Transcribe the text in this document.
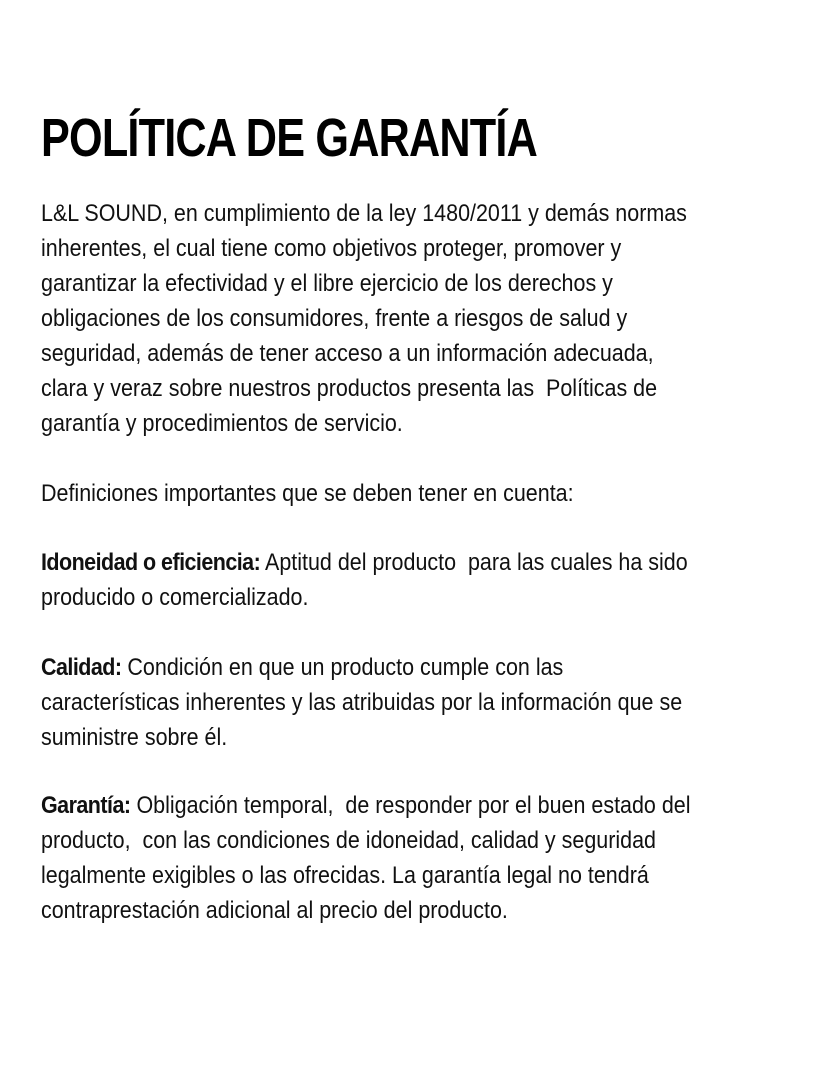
POLÍTICA DE GARANTÍA
L&L SOUND, en cumplimiento de la ley 1480/2011 y demás normas
inherentes, el cual tiene como objetivos proteger, promover y
garantizar la efectividad y el libre ejercicio de los derechos y
obligaciones de los consumidores, frente a riesgos de salud y
seguridad, además de tener acceso a un información adecuada,
clara y veraz sobre nuestros productos presenta las  Políticas de
garantía y procedimientos de servicio.
Definiciones importantes que se deben tener en cuenta:
Idoneidad o eficiencia: Aptitud del producto  para las cuales ha sido
producido o comercializado.
Calidad: Condición en que un producto cumple con las
características inherentes y las atribuidas por la información que se
suministre sobre él.
Garantía: Obligación temporal,  de responder por el buen estado del
producto,  con las condiciones de idoneidad, calidad y seguridad
legalmente exigibles o las ofrecidas. La garantía legal no tendrá
contraprestación adicional al precio del producto.
